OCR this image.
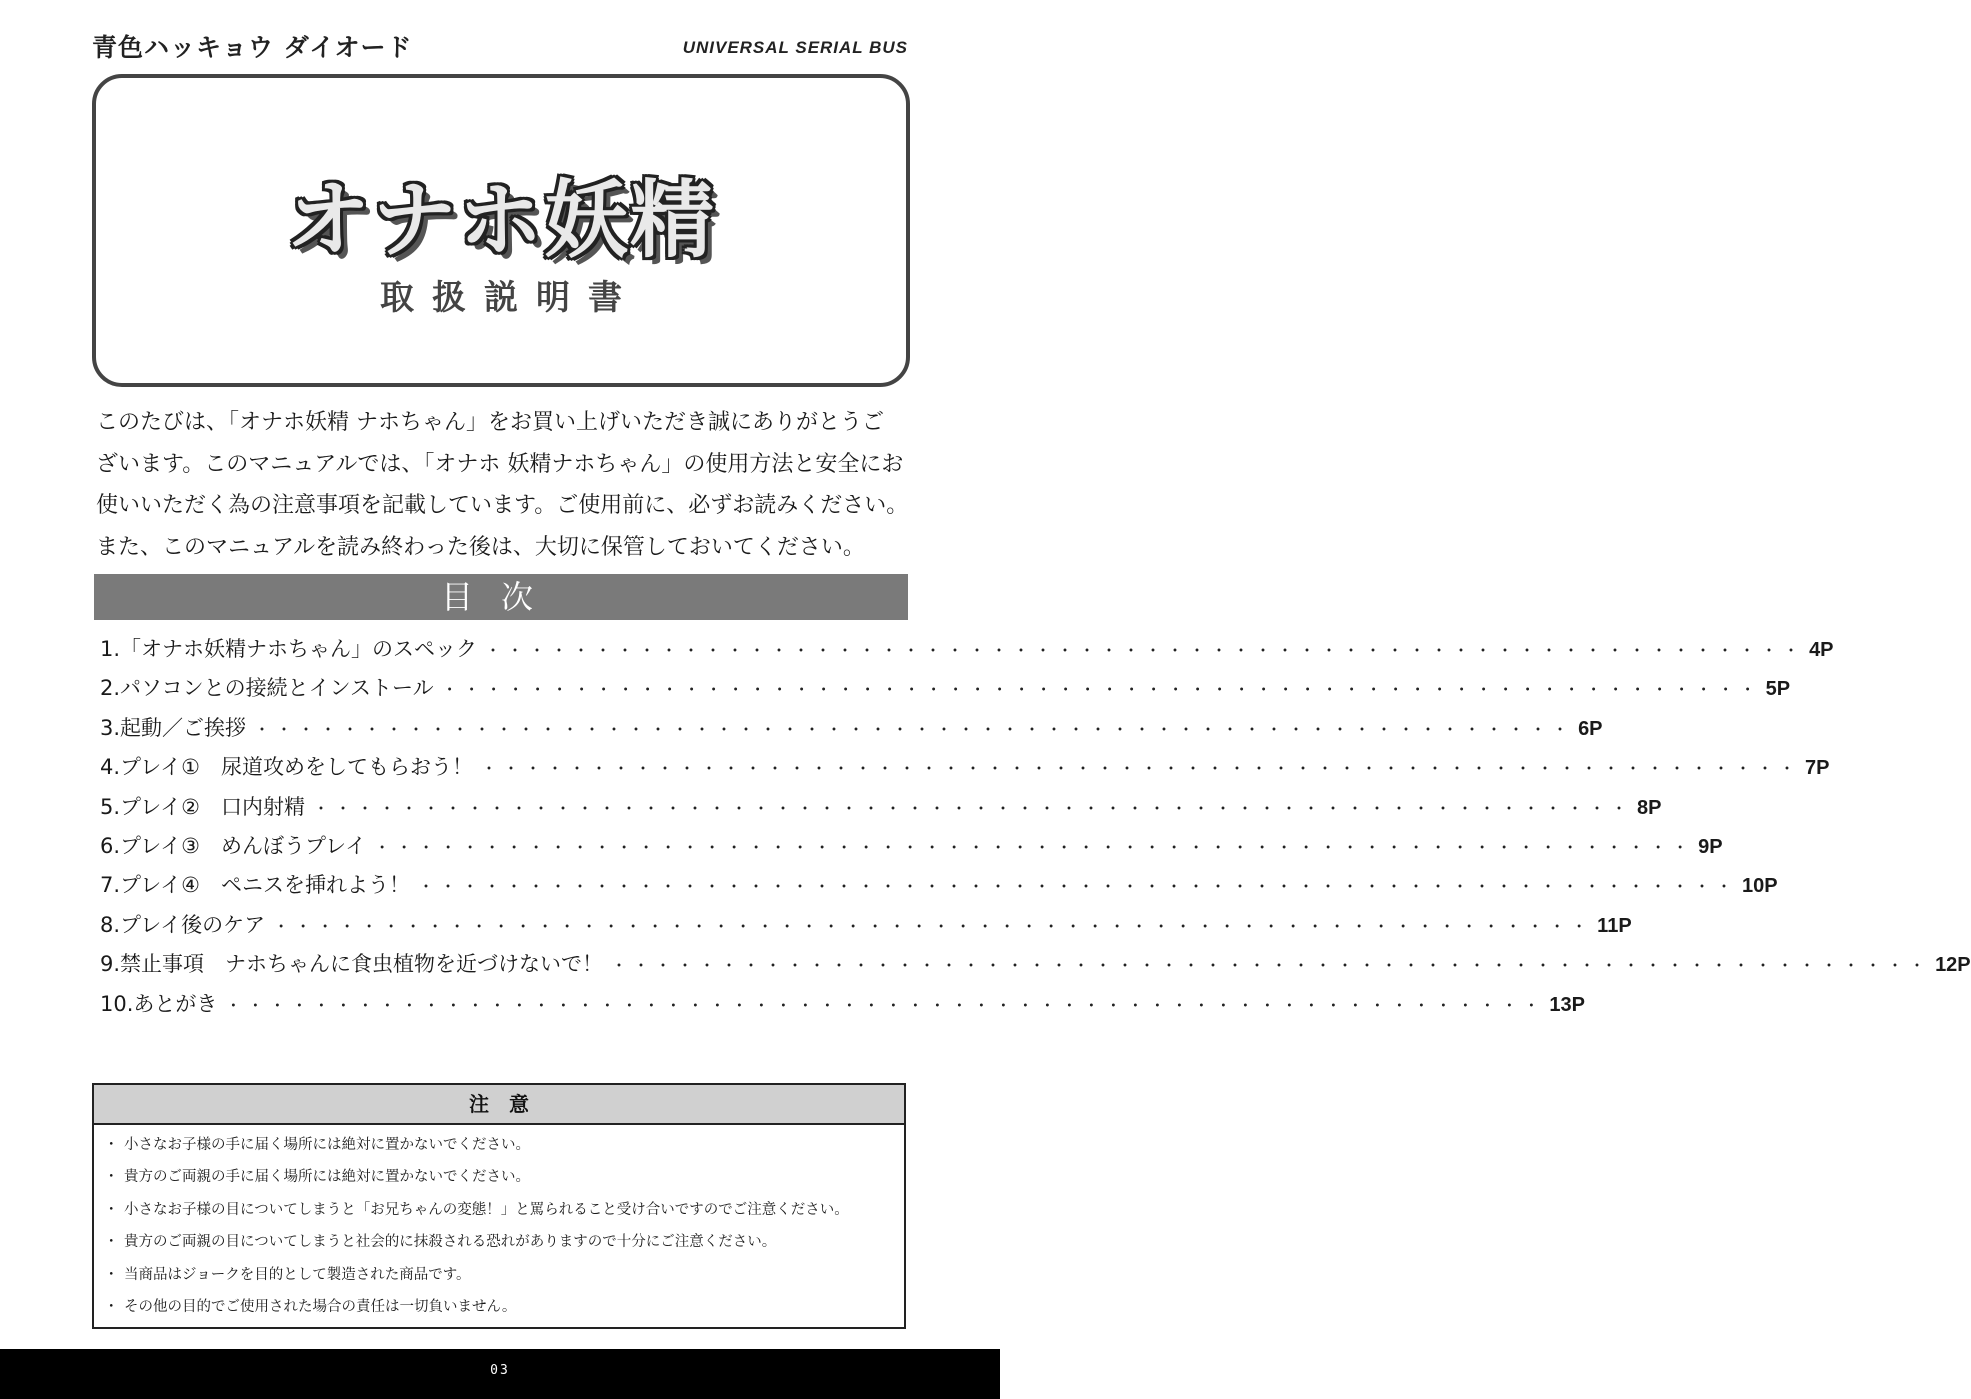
青色ハッキョウ ダイオード	UNIVERSAL SERIAL BUS
オナホ妖精
取扱説明書

このたびは、「オナホ妖精 ナホちゃん」をお買い上げいただき誠にありがとうご

ざいます。このマニュアルでは、「オナホ 妖精ナホちゃん」の使用方法と安全にお

使いいただく為の注意事項を記載しています。ご使用前に、必ずお読みください。

また、このマニュアルを読み終わった後は、大切に保管しておいてください。

目次
1. 「オナホ妖精ナホちゃん」のスペック ・・・・・・・・・・・・・・・・・・・・・・・・・・・・・・・・・・・・・・・・・・・・・・・・・・・・・・・・・・・・ 4P
2. パソコンとの接続とインストール ・・・・・・・・・・・・・・・・・・・・・・・・・・・・・・・・・・・・・・・・・・・・・・・・・・・・・・・・・・・・ 5P
3. 起動／ご挨拶 ・・・・・・・・・・・・・・・・・・・・・・・・・・・・・・・・・・・・・・・・・・・・・・・・・・・・・・・・・・・・ 6P
4. プレイ①　尿道攻めをしてもらおう！ ・・・・・・・・・・・・・・・・・・・・・・・・・・・・・・・・・・・・・・・・・・・・・・・・・・・・・・・・・・・・ 7P
5. プレイ②　口内射精 ・・・・・・・・・・・・・・・・・・・・・・・・・・・・・・・・・・・・・・・・・・・・・・・・・・・・・・・・・・・・ 8P
6. プレイ③　めんぼうプレイ ・・・・・・・・・・・・・・・・・・・・・・・・・・・・・・・・・・・・・・・・・・・・・・・・・・・・・・・・・・・・ 9P
7. プレイ④　ペニスを挿れよう！ ・・・・・・・・・・・・・・・・・・・・・・・・・・・・・・・・・・・・・・・・・・・・・・・・・・・・・・・・・・・・ 10P
8. プレイ後のケア ・・・・・・・・・・・・・・・・・・・・・・・・・・・・・・・・・・・・・・・・・・・・・・・・・・・・・・・・・・・・ 11P
9. 禁止事項　ナホちゃんに食虫植物を近づけないで！ ・・・・・・・・・・・・・・・・・・・・・・・・・・・・・・・・・・・・・・・・・・・・・・・・・・・・・・・・・・・・ 12P
10. あとがき ・・・・・・・・・・・・・・・・・・・・・・・・・・・・・・・・・・・・・・・・・・・・・・・・・・・・・・・・・・・・ 13P
注意
・ 小さなお子様の手に届く場所には絶対に置かないでください。
・ 貴方のご両親の手に届く場所には絶対に置かないでください。
・ 小さなお子様の目についてしまうと「お兄ちゃんの変態！」と罵られること受け合いですのでご注意ください。
・ 貴方のご両親の目についてしまうと社会的に抹殺される恐れがありますので十分にご注意ください。
・ 当商品はジョークを目的として製造された商品です。
・ その他の目的でご使用された場合の責任は一切負いません。
03
